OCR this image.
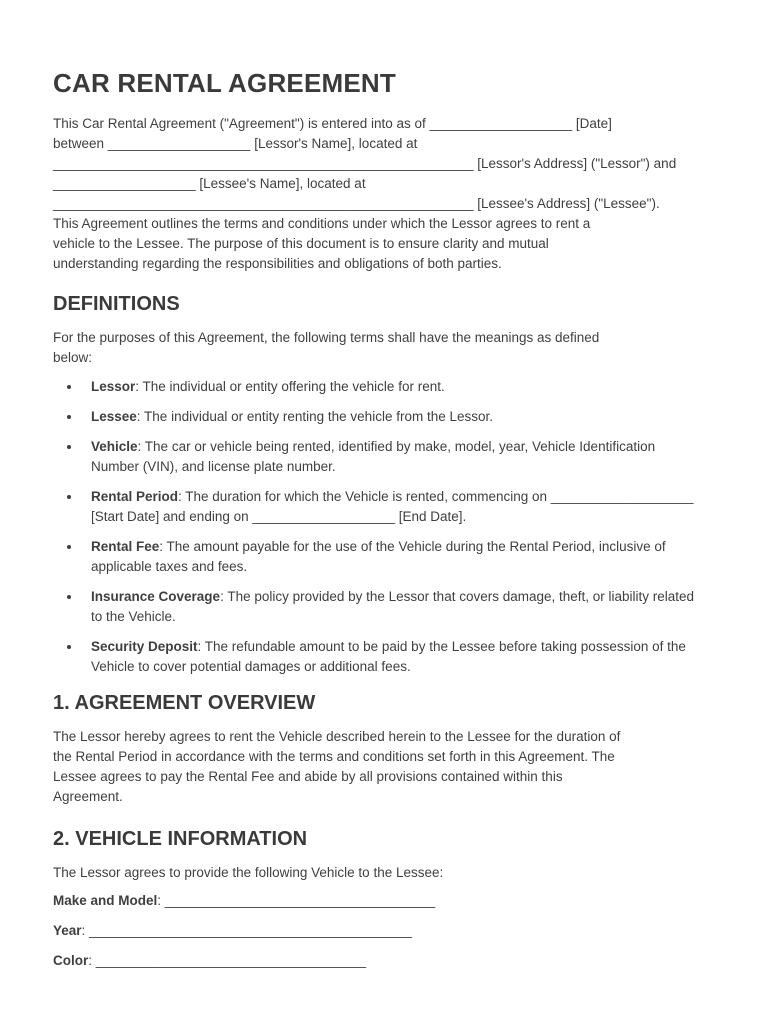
CAR RENTAL AGREEMENT
This Car Rental Agreement ("Agreement") is entered into as of ___________________ [Date]
between ___________________ [Lessor's Name], located at
________________________________________________________ [Lessor's Address] ("Lessor") and
___________________ [Lessee's Name], located at
________________________________________________________ [Lessee's Address] ("Lessee").
This Agreement outlines the terms and conditions under which the Lessor agrees to rent a
vehicle to the Lessee. The purpose of this document is to ensure clarity and mutual
understanding regarding the responsibilities and obligations of both parties.
DEFINITIONS
For the purposes of this Agreement, the following terms shall have the meanings as defined
below:
Lessor: The individual or entity offering the vehicle for rent.
Lessee: The individual or entity renting the vehicle from the Lessor.
Vehicle: The car or vehicle being rented, identified by make, model, year, Vehicle Identification Number (VIN), and license plate number.
Rental Period: The duration for which the Vehicle is rented, commencing on ___________________ [Start Date] and ending on ___________________ [End Date].
Rental Fee: The amount payable for the use of the Vehicle during the Rental Period, inclusive of applicable taxes and fees.
Insurance Coverage: The policy provided by the Lessor that covers damage, theft, or liability related to the Vehicle.
Security Deposit: The refundable amount to be paid by the Lessee before taking possession of the Vehicle to cover potential damages or additional fees.
1. AGREEMENT OVERVIEW
The Lessor hereby agrees to rent the Vehicle described herein to the Lessee for the duration of
the Rental Period in accordance with the terms and conditions set forth in this Agreement. The
Lessee agrees to pay the Rental Fee and abide by all provisions contained within this
Agreement.
2. VEHICLE INFORMATION
The Lessor agrees to provide the following Vehicle to the Lessee:
Make and Model: ____________________________________
Year: ___________________________________________
Color: ____________________________________
